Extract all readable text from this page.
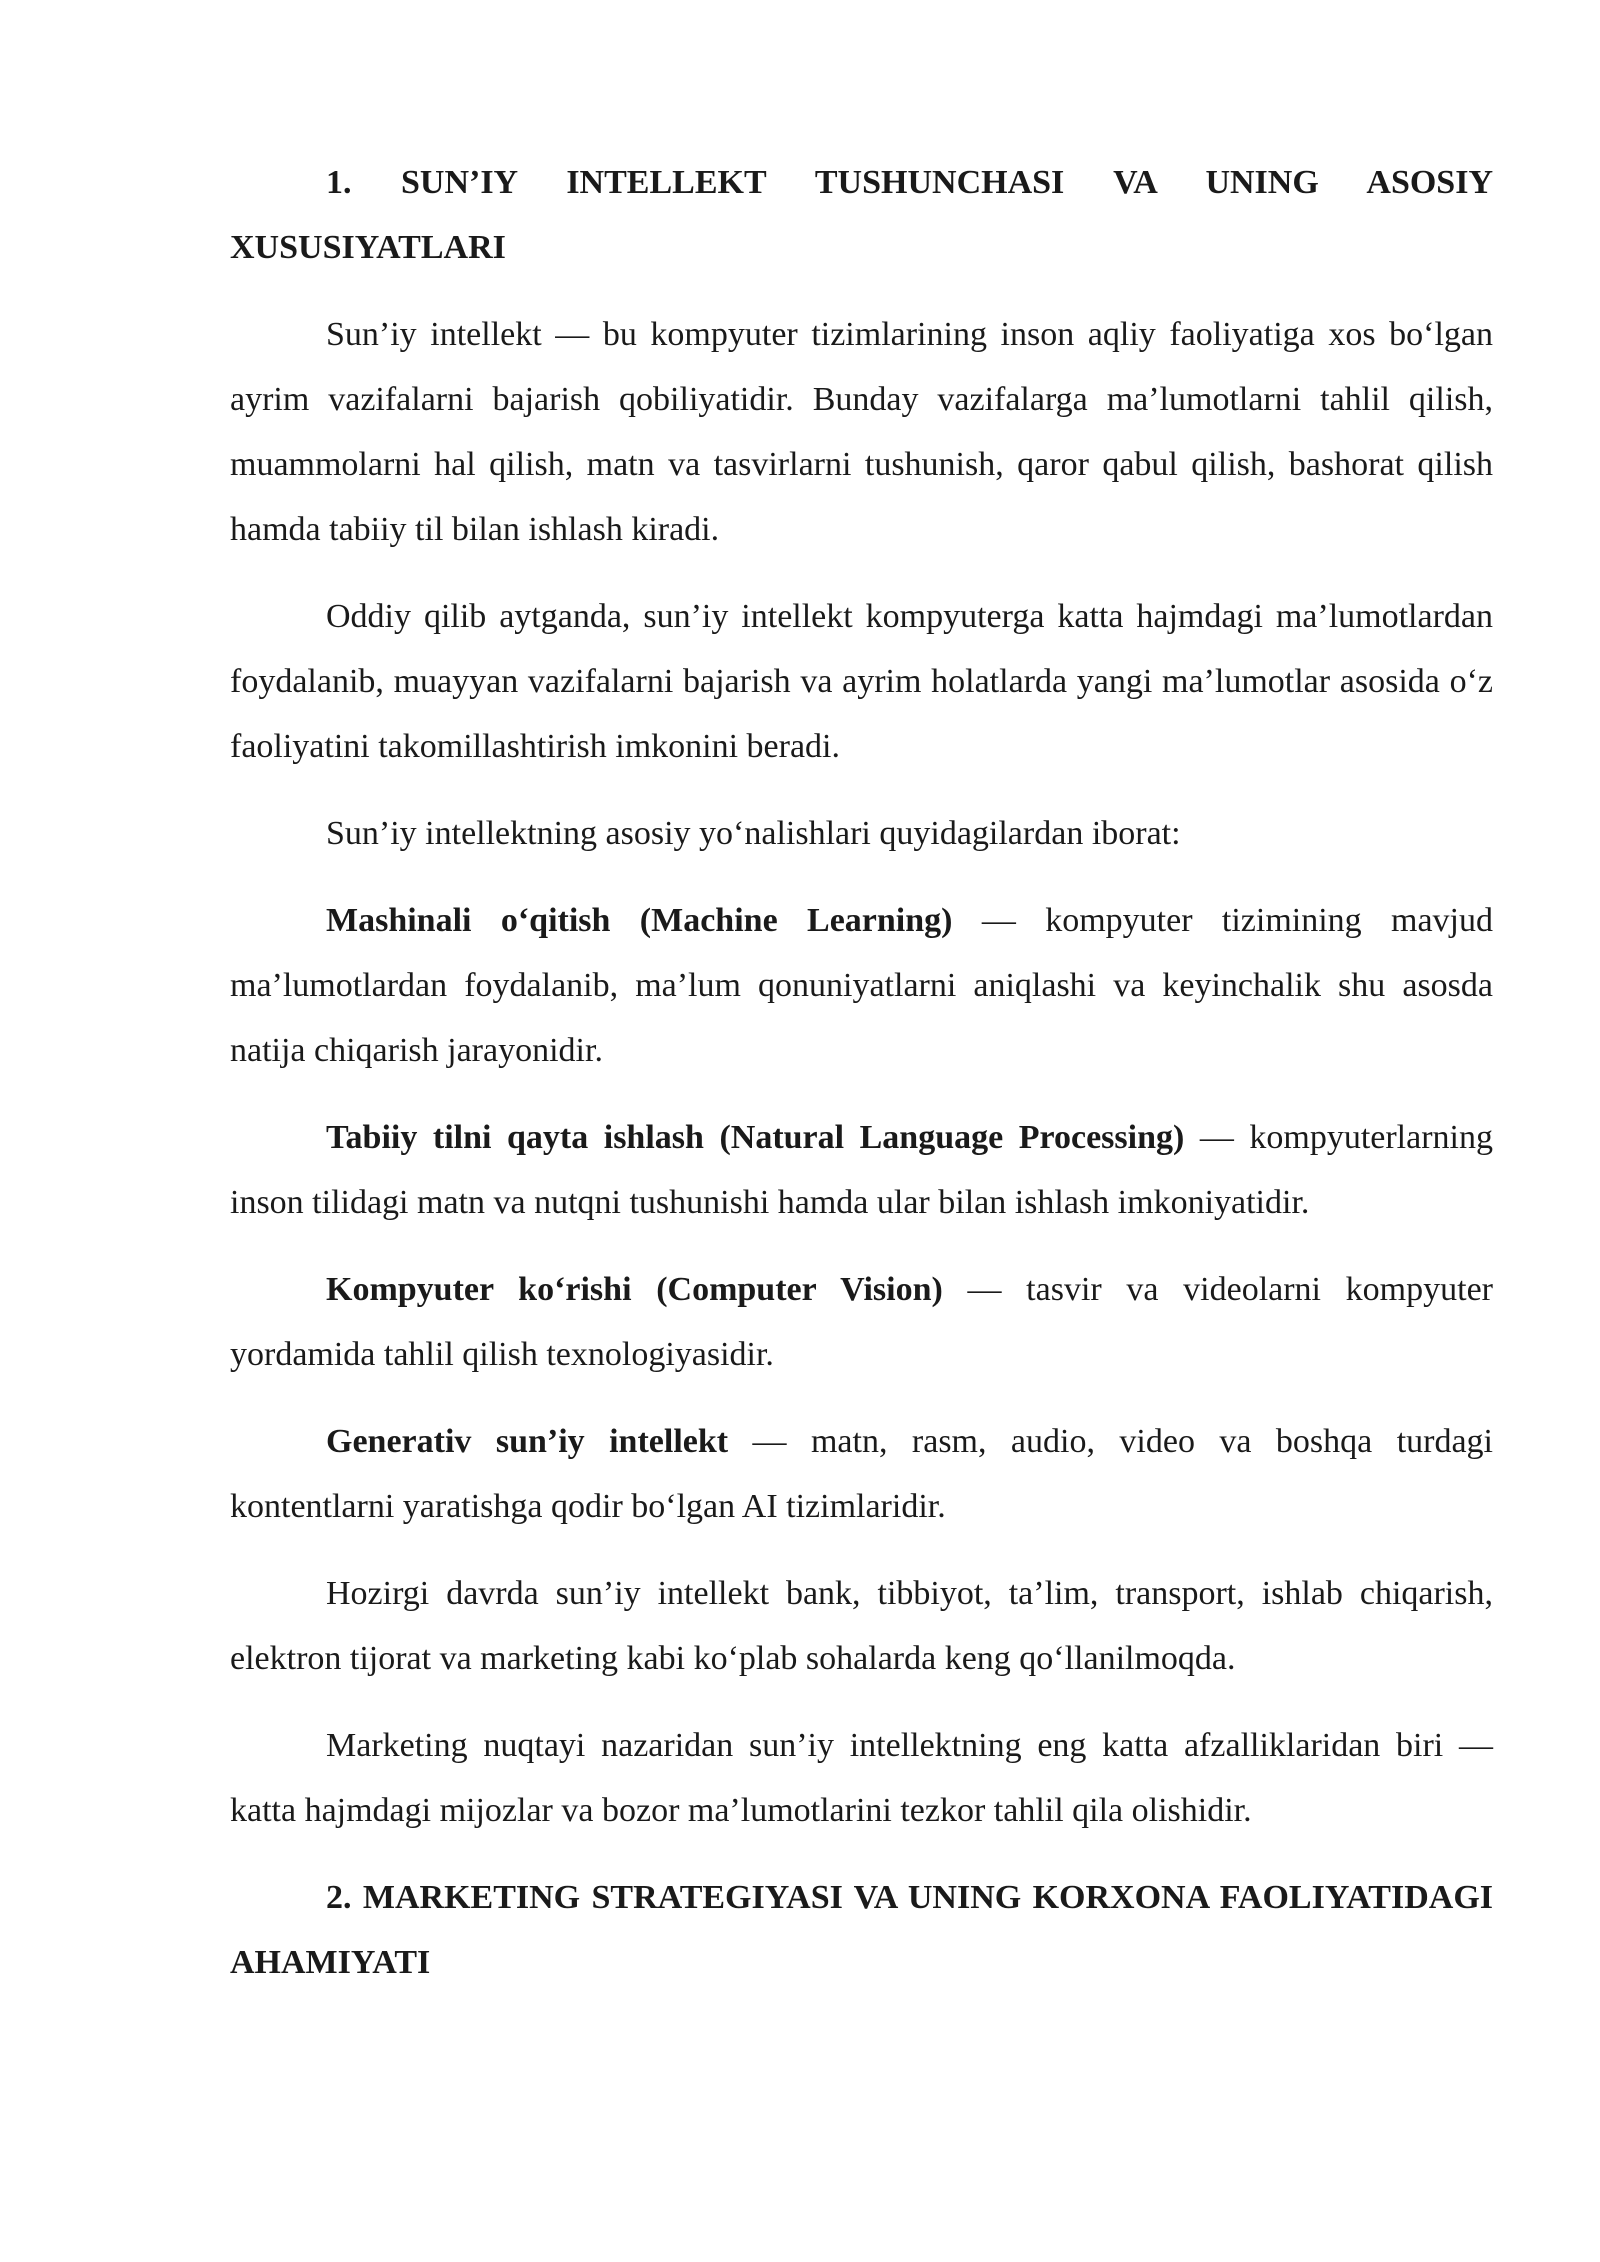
1. SUN’IY INTELLEKT TUSHUNCHASI VA UNING ASOSIY XUSUSIYATLARI

Sun’iy intellekt — bu kompyuter tizimlarining inson aqliy faoliyatiga xos bo‘lgan ayrim vazifalarni bajarish qobiliyatidir. Bunday vazifalarga ma’lumotlarni tahlil qilish, muammolarni hal qilish, matn va tasvirlarni tushunish, qaror qabul qilish, bashorat qilish hamda tabiiy til bilan ishlash kiradi.

Oddiy qilib aytganda, sun’iy intellekt kompyuterga katta hajmdagi ma’lumotlardan foydalanib, muayyan vazifalarni bajarish va ayrim holatlarda yangi ma’lumotlar asosida o‘z faoliyatini takomillashtirish imkonini beradi.

Sun’iy intellektning asosiy yo‘nalishlari quyidagilardan iborat:

Mashinali o‘qitish (Machine Learning) — kompyuter tizimining mavjud ma’lumotlardan foydalanib, ma’lum qonuniyatlarni aniqlashi va keyinchalik shu asosda natija chiqarish jarayonidir.

Tabiiy tilni qayta ishlash (Natural Language Processing) — kompyuterlarning inson tilidagi matn va nutqni tushunishi hamda ular bilan ishlash imkoniyatidir.

Kompyuter ko‘rishi (Computer Vision) — tasvir va videolarni kompyuter yordamida tahlil qilish texnologiyasidir.

Generativ sun’iy intellekt — matn, rasm, audio, video va boshqa turdagi kontentlarni yaratishga qodir bo‘lgan AI tizimlaridir.

Hozirgi davrda sun’iy intellekt bank, tibbiyot, ta’lim, transport, ishlab chiqarish, elektron tijorat va marketing kabi ko‘plab sohalarda keng qo‘llanilmoqda.

Marketing nuqtayi nazaridan sun’iy intellektning eng katta afzalliklaridan biri — katta hajmdagi mijozlar va bozor ma’lumotlarini tezkor tahlil qila olishidir.

2. MARKETING STRATEGIYASI VA UNING KORXONA FAOLIYATIDAGI AHAMIYATI
